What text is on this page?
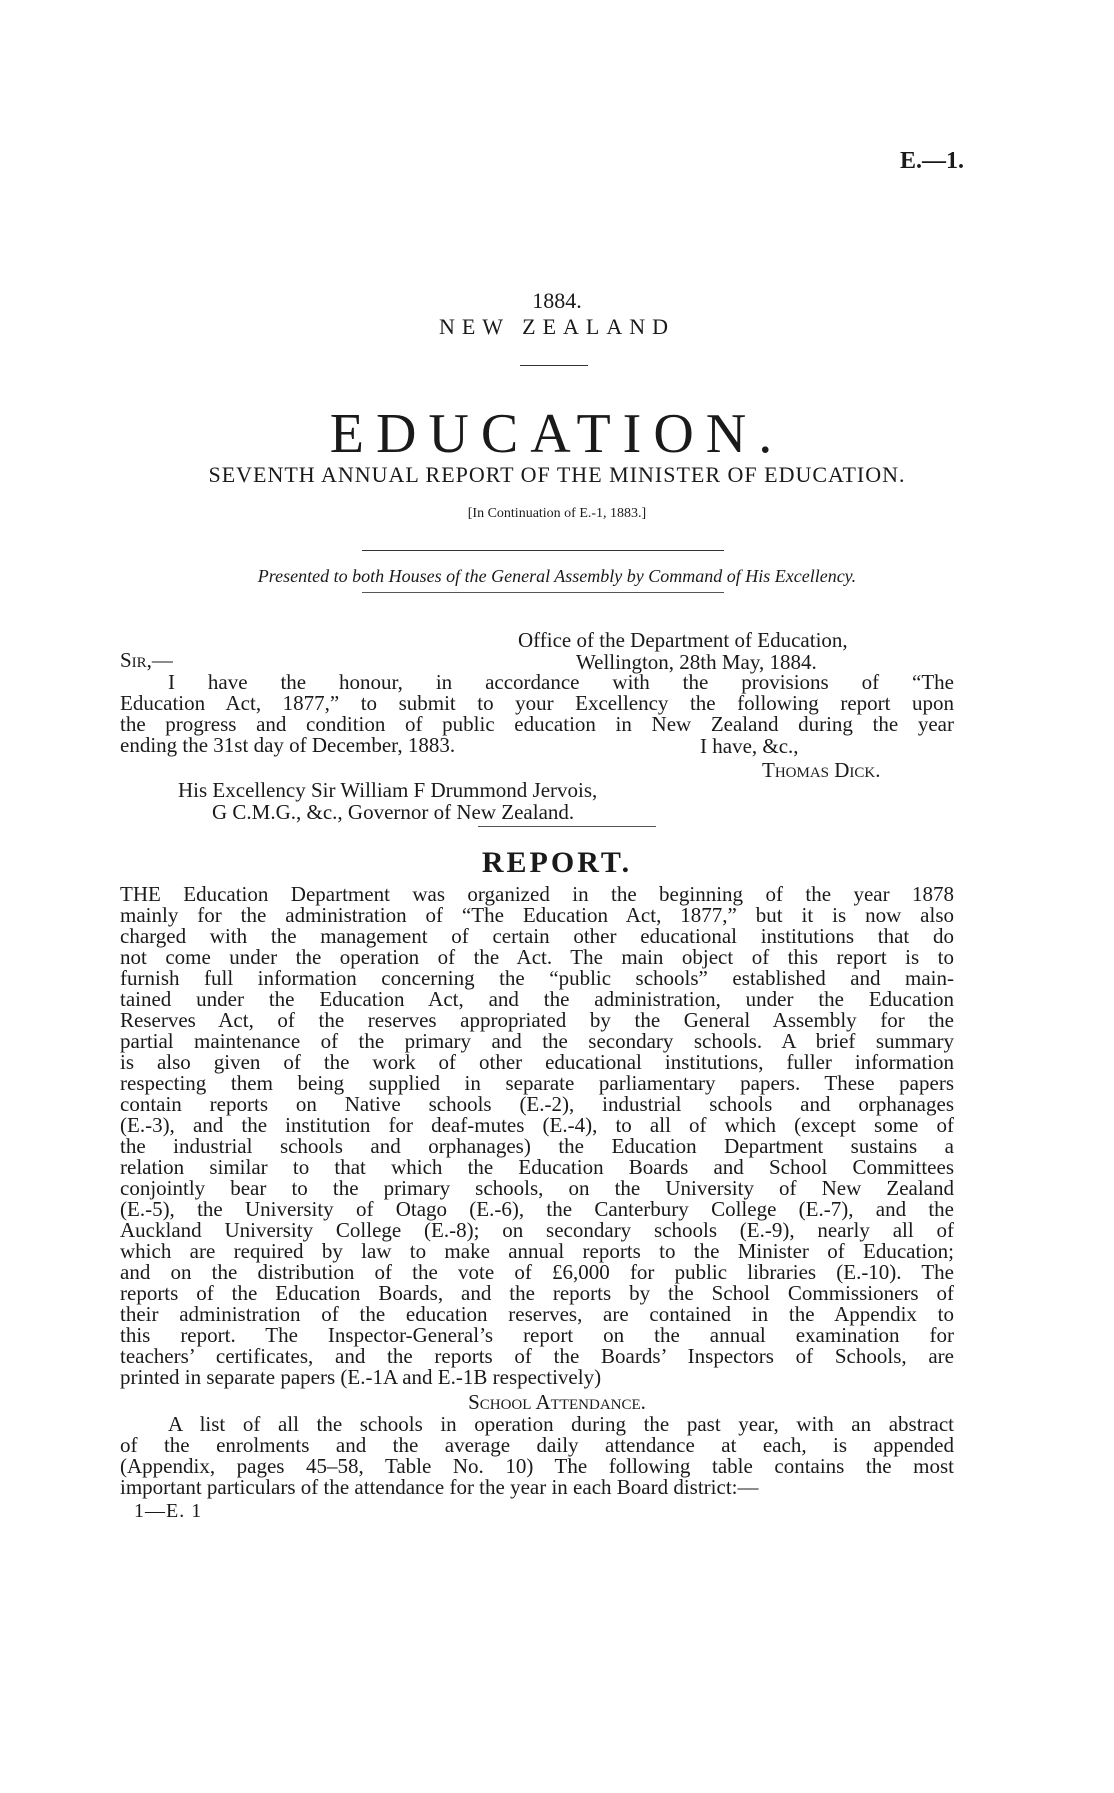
E.—1.
1884.
NEW ZEALAND
EDUCATION.
SEVENTH ANNUAL REPORT OF THE MINISTER OF EDUCATION.
[In Continuation of E.-1, 1883.]
Presented to both Houses of the General Assembly by Command of His Excellency.
Office of the Department of Education,
Wellington, 28th May, 1884.
Sir,—
I have the honour, in accordance with the provisions of “The
Education Act, 1877,” to submit to your Excellency the following report upon
the progress and condition of public education in New Zealand during the year
ending the 31st day of December, 1883.	I have, &c.,
Thomas Dick.
His Excellency Sir William F Drummond Jervois,
G C.M.G., &c., Governor of New Zealand.
REPORT.
THE Education Department was organized in the beginning of the year 1878
mainly for the administration of “The Education Act, 1877,” but it is now also
charged with the management of certain other educational institutions that do
not come under the operation of the Act. The main object of this report is to
furnish full information concerning the “public schools” established and main-
tained under the Education Act, and the administration, under the Education
Reserves Act, of the reserves appropriated by the General Assembly for the
partial maintenance of the primary and the secondary schools. A brief summary
is also given of the work of other educational institutions, fuller information
respecting them being supplied in separate parliamentary papers. These papers
contain reports on Native schools (E.-2), industrial schools and orphanages
(E.-3), and the institution for deaf-mutes (E.-4), to all of which (except some of
the industrial schools and orphanages) the Education Department sustains a
relation similar to that which the Education Boards and School Committees
conjointly bear to the primary schools, on the University of New Zealand
(E.-5), the University of Otago (E.-6), the Canterbury College (E.-7), and the
Auckland University College (E.-8); on secondary schools (E.-9), nearly all of
which are required by law to make annual reports to the Minister of Education;
and on the distribution of the vote of £6,000 for public libraries (E.-10). The
reports of the Education Boards, and the reports by the School Commissioners of
their administration of the education reserves, are contained in the Appendix to
this report. The Inspector-General’s report on the annual examination for
teachers’ certificates, and the reports of the Boards’ Inspectors of Schools, are
printed in separate papers (E.-1A and E.-1B respectively)
School Attendance.
A list of all the schools in operation during the past year, with an abstract
of the enrolments and the average daily attendance at each, is appended
(Appendix, pages 45–58, Table No. 10) The following table contains the most
important particulars of the attendance for the year in each Board district:—
1—E. 1
